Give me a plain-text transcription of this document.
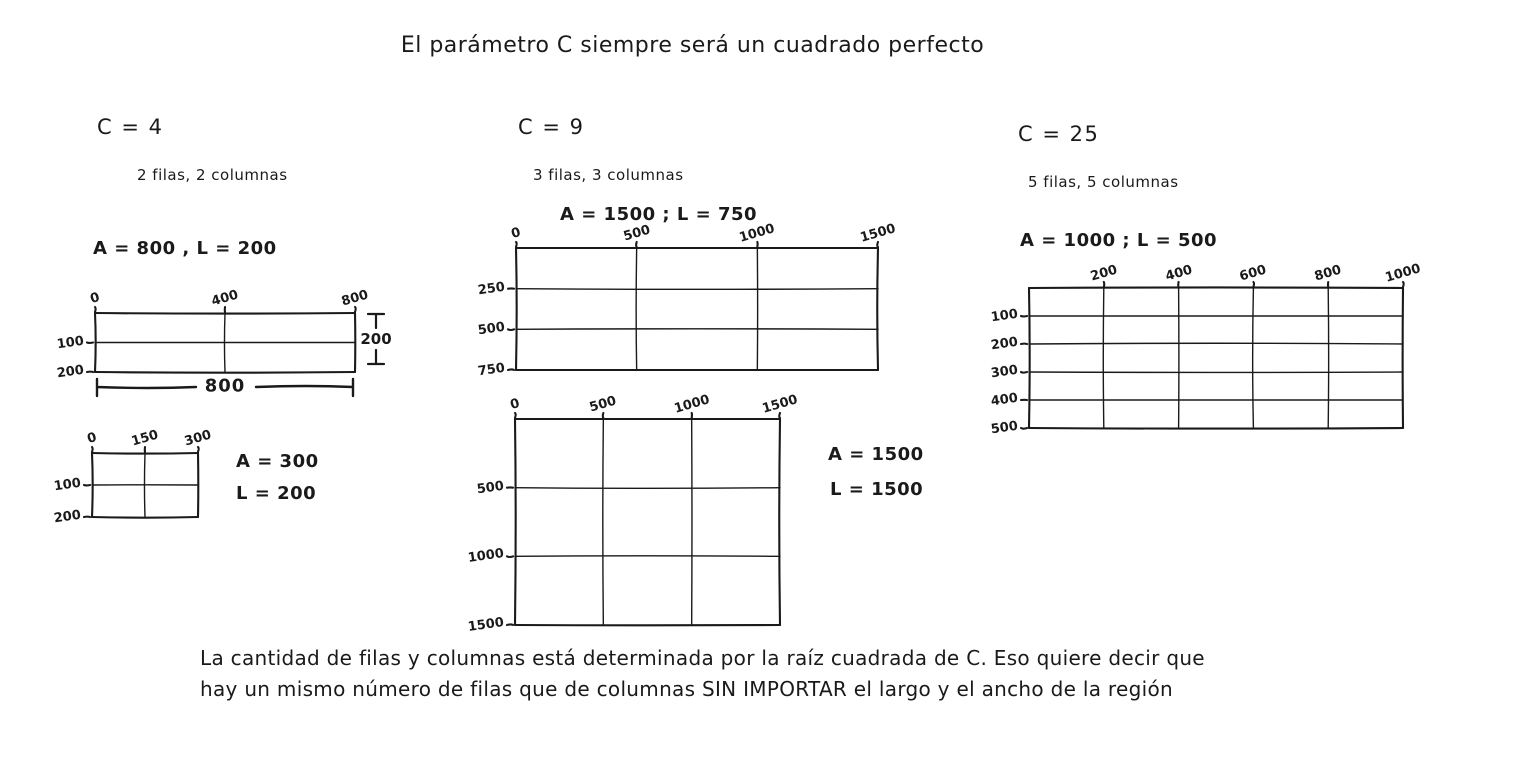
El parámetro C siempre será un cuadrado perfecto
C = 4
2 filas, 2 columnas
A = 800 , L = 200
0	400	800
100
200
200
800
0 150 300
100
200
A = 300
L = 200
C = 9
3 filas, 3 columnas
A = 1500 ; L = 750
0	500	1000	1500
250
500
750
0	500	1000	1500
500
1000
1500
A = 1500
L = 1500
C = 25
5 filas, 5 columnas
A = 1000 ; L = 500
200	400	600	800	1000
100
200
300
400
500
La cantidad de filas y columnas está determinada por la raíz cuadrada de C. Eso quiere decir que
hay un mismo número de filas que de columnas SIN IMPORTAR el largo y el ancho de la región
